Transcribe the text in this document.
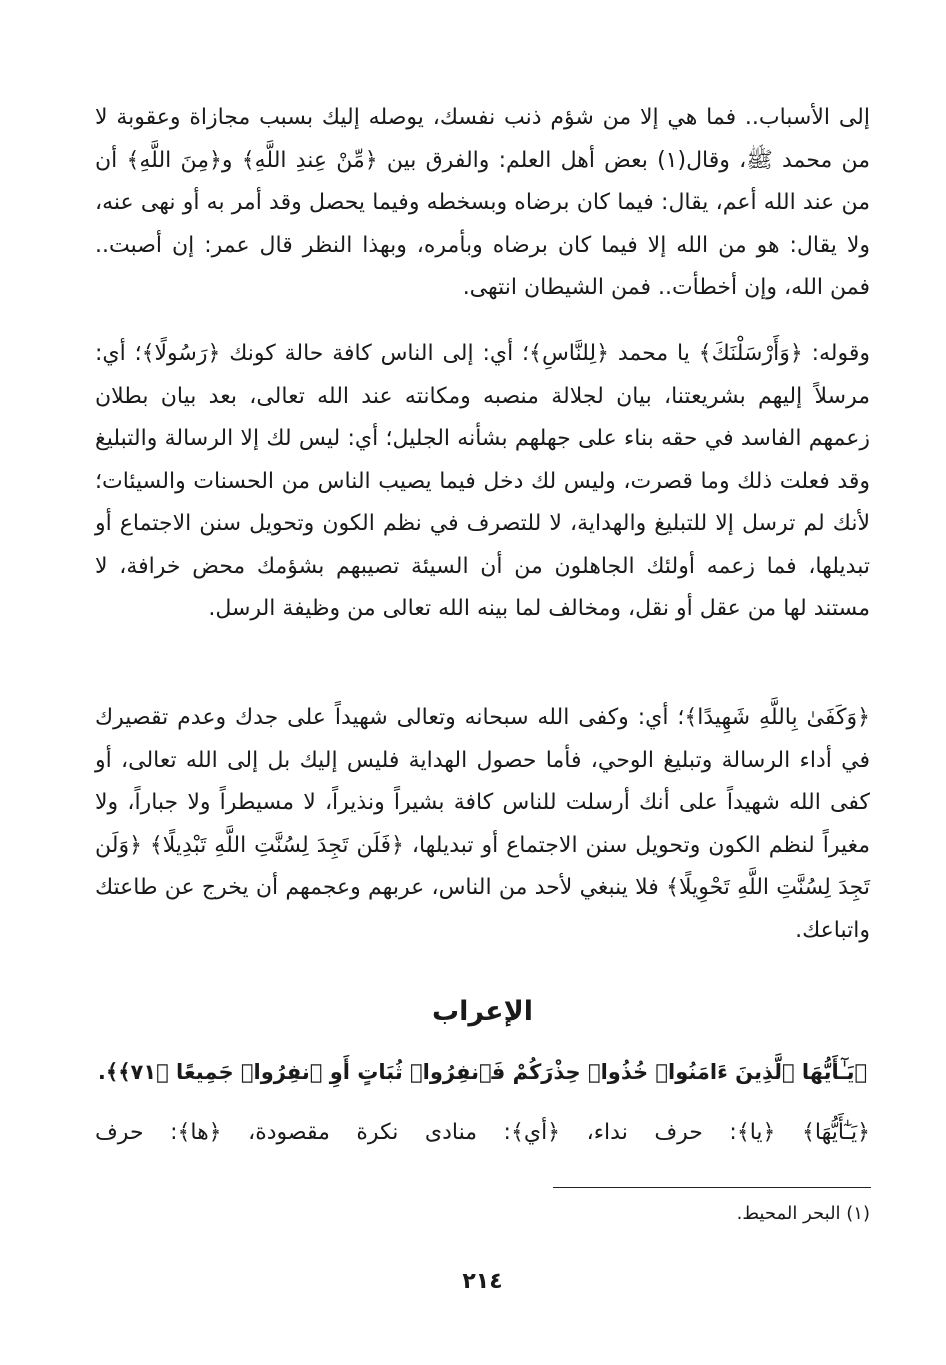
إلى الأسباب.. فما هي إلا من شؤم ذنب نفسك، يوصله إليك بسبب مجازاة وعقوبة لا من محمد ﷺ، وقال(١) بعض أهل العلم: والفرق بين ﴿مِّنْ عِندِ اللَّهِ﴾ و﴿مِنَ اللَّهِ﴾ أن من عند الله أعم، يقال: فيما كان برضاه وبسخطه وفيما يحصل وقد أمر به أو نهى عنه، ولا يقال: هو من الله إلا فيما كان برضاه وبأمره، وبهذا النظر قال عمر: إن أصبت.. فمن الله، وإن أخطأت.. فمن الشيطان انتهى.

وقوله: ﴿وَأَرْسَلْنَكَ﴾ يا محمد ﴿لِلنَّاسِ﴾؛ أي: إلى الناس كافة حالة كونك ﴿رَسُولًا﴾؛ أي: مرسلاً إليهم بشريعتنا، بيان لجلالة منصبه ومكانته عند الله تعالى، بعد بيان بطلان زعمهم الفاسد في حقه بناء على جهلهم بشأنه الجليل؛ أي: ليس لك إلا الرسالة والتبليغ وقد فعلت ذلك وما قصرت، وليس لك دخل فيما يصيب الناس من الحسنات والسيئات؛ لأنك لم ترسل إلا للتبليغ والهداية، لا للتصرف في نظم الكون وتحويل سنن الاجتماع أو تبديلها، فما زعمه أولئك الجاهلون من أن السيئة تصيبهم بشؤمك محض خرافة، لا مستند لها من عقل أو نقل، ومخالف لما بينه الله تعالى من وظيفة الرسل.

﴿وَكَفَىٰ بِاللَّهِ شَهِيدًا﴾؛ أي: وكفى الله سبحانه وتعالى شهيداً على جدك وعدم تقصيرك في أداء الرسالة وتبليغ الوحي، فأما حصول الهداية فليس إليك بل إلى الله تعالى، أو كفى الله شهيداً على أنك أرسلت للناس كافة بشيراً ونذيراً، لا مسيطراً ولا جباراً، ولا مغيراً لنظم الكون وتحويل سنن الاجتماع أو تبديلها، ﴿فَلَن تَجِدَ لِسُنَّتِ اللَّهِ تَبْدِيلًا﴾ ﴿وَلَن تَجِدَ لِسُنَّتِ اللَّهِ تَحْوِيلًا﴾ فلا ينبغي لأحد من الناس، عربهم وعجمهم أن يخرج عن طاعتك واتباعك.

الإعراب
﴿يَـٰٓأَيُّهَا ٱلَّذِينَ ءَامَنُوا۟ خُذُوا۟ حِذْرَكُمْ فَٱنفِرُوا۟ ثُبَاتٍ أَوِ ٱنفِرُوا۟ جَمِيعًا ﴿٧١﴾﴾.
﴿يَـٰٓأَيُّهَا﴾ ﴿يا﴾: حرف نداء، ﴿أي﴾: منادى نكرة مقصودة، ﴿ها﴾: حرف
(١) البحر المحيط.
٢١٤
